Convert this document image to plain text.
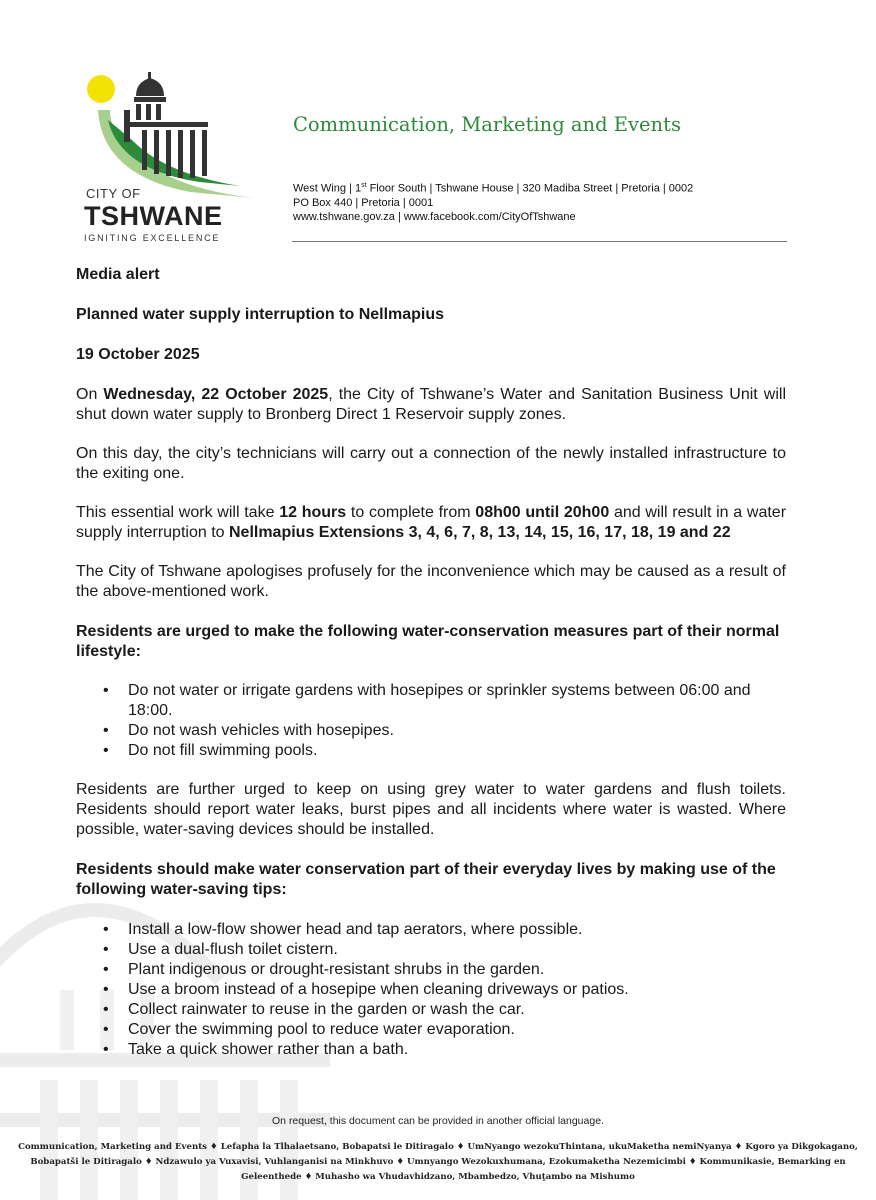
CITY OF
TSHWANE
IGNITING EXCELLENCE
Communication, Marketing and Events
West Wing | 1st Floor South | Tshwane House | 320 Madiba Street | Pretoria | 0002
PO Box 440 | Pretoria | 0001
www.tshwane.gov.za | www.facebook.com/CityOfTshwane

Media alert

Planned water supply interruption to Nellmapius

19 October 2025

On Wednesday, 22 October 2025, the City of Tshwane’s Water and Sanitation Business Unit will shut down water supply to Bronberg Direct 1 Reservoir supply zones.

On this day, the city’s technicians will carry out a connection of the newly installed infrastructure to the exiting one.

This essential work will take 12 hours to complete from 08h00 until 20h00 and will result in a water supply interruption to Nellmapius Extensions 3, 4, 6, 7, 8, 13, 14, 15, 16, 17, 18, 19 and 22

The City of Tshwane apologises profusely for the inconvenience which may be caused as a result of the above-mentioned work.

Residents are urged to make the following water-conservation measures part of their normal lifestyle:

• Do not water or irrigate gardens with hosepipes or sprinkler systems between 06:00 and 18:00.
• Do not wash vehicles with hosepipes.
• Do not fill swimming pools.

Residents are further urged to keep on using grey water to water gardens and flush toilets. Residents should report water leaks, burst pipes and all incidents where water is wasted. Where possible, water-saving devices should be installed.

Residents should make water conservation part of their everyday lives by making use of the following water-saving tips:

• Install a low-flow shower head and tap aerators, where possible.
• Use a dual-flush toilet cistern.
• Plant indigenous or drought-resistant shrubs in the garden.
• Use a broom instead of a hosepipe when cleaning driveways or patios.
• Collect rainwater to reuse in the garden or wash the car.
• Cover the swimming pool to reduce water evaporation.
• Take a quick shower rather than a bath.
On request, this document can be provided in another official language.
Communication, Marketing and Events ♦ Lefapha la Tlhalaetsano, Bobapatsi le Ditiragalo ♦ UmNyango wezokuThintana, ukuMaketha nemiNyanya ♦ Kgoro ya Dikgokagano, Bobapatši le Ditiragalo ♦ Ndzawulo ya Vuxavisi, Vuhlanganisi na Minkhuvo ♦ Umnyango Wezokuxhumana, Ezokumaketha Nezemicimbi ♦ Kommunikasie, Bemarking en Geleenthede ♦ Muhasho wa Vhudavhidzano, Mbambedzo, Vhuṱambo na Mishumo
